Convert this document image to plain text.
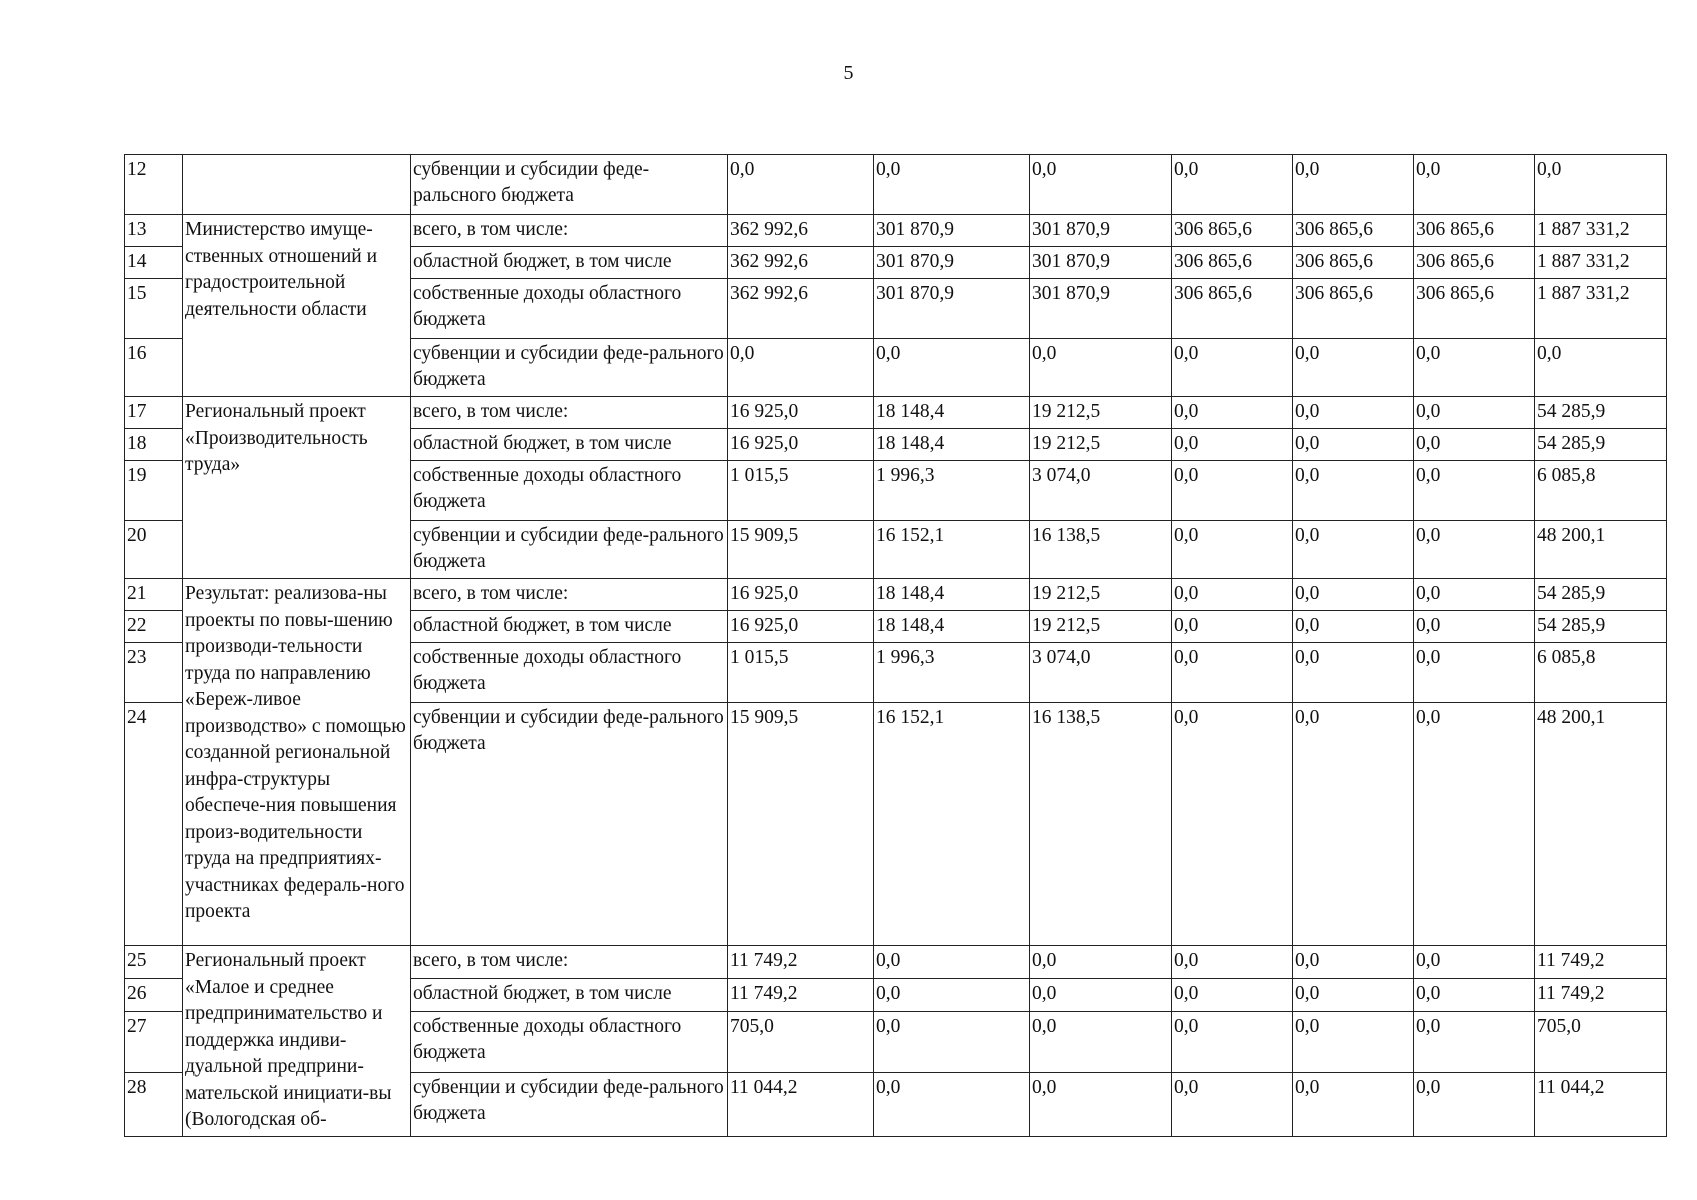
5
12		субвенции и субсидии феде-ральcного бюджета	0,0	0,0	0,0	0,0	0,0	0,0	0,0
13	Министерство имуще-ственных отношений и градостроительной деятельности области	всего, в том числе:	362 992,6	301 870,9	301 870,9	306 865,6	306 865,6	306 865,6	1 887 331,2
14		областной бюджет, в том числе	362 992,6	301 870,9	301 870,9	306 865,6	306 865,6	306 865,6	1 887 331,2
15		собственные доходы областного бюджета	362 992,6	301 870,9	301 870,9	306 865,6	306 865,6	306 865,6	1 887 331,2
16		субвенции и субсидии феде-рального бюджета	0,0	0,0	0,0	0,0	0,0	0,0	0,0
17	Региональный проект «Производительность труда»	всего, в том числе:	16 925,0	18 148,4	19 212,5	0,0	0,0	0,0	54 285,9
18		областной бюджет, в том числе	16 925,0	18 148,4	19 212,5	0,0	0,0	0,0	54 285,9
19		собственные доходы областного бюджета	1 015,5	1 996,3	3 074,0	0,0	0,0	0,0	6 085,8
20		субвенции и субсидии феде-рального бюджета	15 909,5	16 152,1	16 138,5	0,0	0,0	0,0	48 200,1
21	Результат: реализова-ны проекты по повы-шению производи-тельности труда по направлению «Береж-ливое производство» с помощью созданной региональной инфра-структуры обеспече-ния повышения произ-водительности труда на предприятиях-участниках федераль-ного проекта	всего, в том числе:	16 925,0	18 148,4	19 212,5	0,0	0,0	0,0	54 285,9
22		областной бюджет, в том числе	16 925,0	18 148,4	19 212,5	0,0	0,0	0,0	54 285,9
23		собственные доходы областного бюджета	1 015,5	1 996,3	3 074,0	0,0	0,0	0,0	6 085,8
24		субвенции и субсидии феде-рального бюджета	15 909,5	16 152,1	16 138,5	0,0	0,0	0,0	48 200,1
25	Региональный проект «Малое и среднее предпринимательство и поддержка индиви-дуальной предприни-мательской инициати-вы (Вологодская об-	всего, в том числе:	11 749,2	0,0	0,0	0,0	0,0	0,0	11 749,2
26		областной бюджет, в том числе	11 749,2	0,0	0,0	0,0	0,0	0,0	11 749,2
27		собственные доходы областного бюджета	705,0	0,0	0,0	0,0	0,0	0,0	705,0
28		субвенции и субсидии феде-рального бюджета	11 044,2	0,0	0,0	0,0	0,0	0,0	11 044,2
